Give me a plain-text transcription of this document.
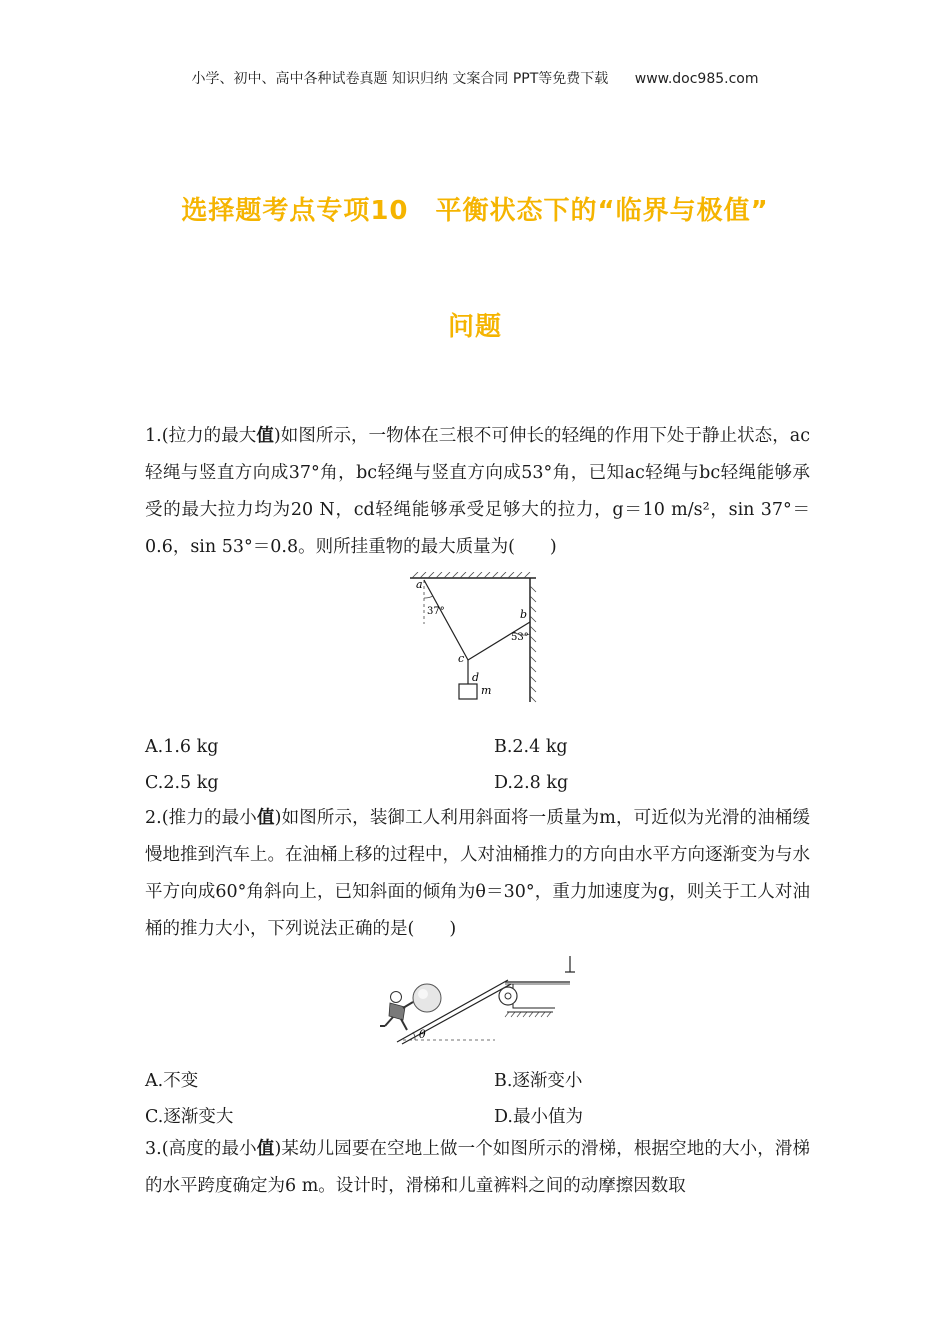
小学、初中、高中各种试卷真题 知识归纳 文案合同 PPT等免费下载 www.doc985.com
选择题考点专项10　平衡状态下的“临界与极值”
问题
1.(拉力的最大值)如图所示，一物体在三根不可伸长的轻绳的作用下处于静止状态，ac轻绳与竖直方向成37°角，bc轻绳与竖直方向成53°角，已知ac轻绳与bc轻绳能够承受的最大拉力均为20 N，cd轻绳能够承受足够大的拉力，g＝10 m/s²，sin 37°＝0.6，sin 53°＝0.8。则所挂重物的最大质量为(　　)
a
37°	b
53°
c
d
m
A.1.6 kg	B.2.4 kg
C.2.5 kg	D.2.8 kg
2.(推力的最小值)如图所示，装御工人利用斜面将一质量为m，可近似为光滑的油桶缓慢地推到汽车上。在油桶上移的过程中，人对油桶推力的方向由水平方向逐渐变为与水平方向成60°角斜向上，已知斜面的倾角为θ＝30°，重力加速度为g，则关于工人对油桶的推力大小，下列说法正确的是(　　)
θ
A.不变	B.逐渐变小
C.逐渐变大	D.最小值为
3.(高度的最小值)某幼儿园要在空地上做一个如图所示的滑梯，根据空地的大小，滑梯的水平跨度确定为6 m。设计时，滑梯和儿童裤料之间的动摩擦因数取
